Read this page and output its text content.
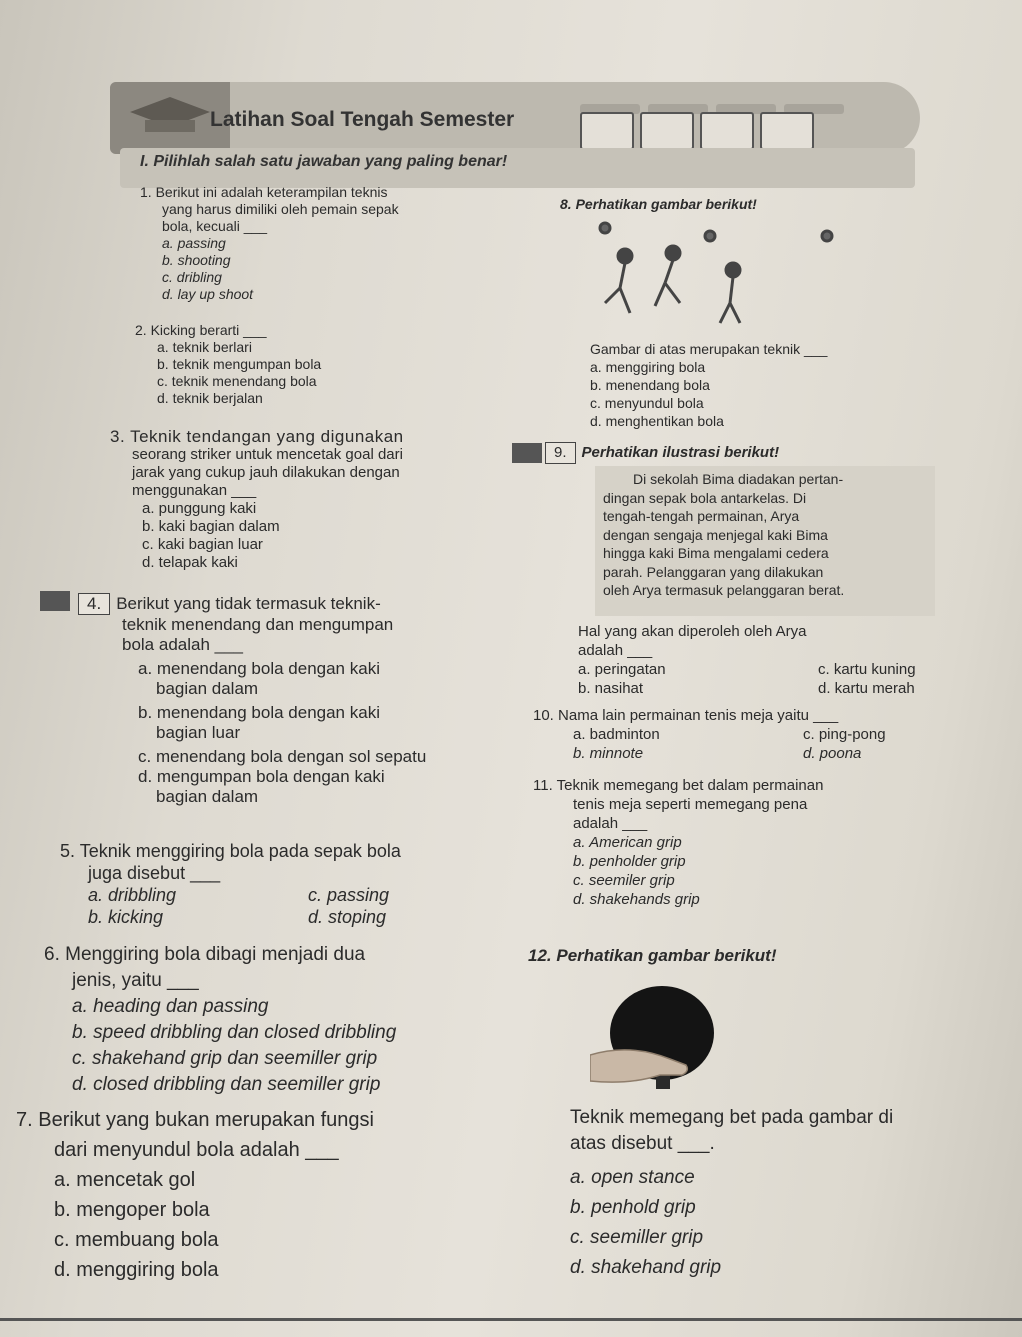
Latihan Soal Tengah Semester
I. Pilihlah salah satu jawaban yang paling benar!
1. Berikut ini adalah keterampilan teknis
yang harus dimiliki oleh pemain sepak
bola, kecuali ___
a. passing
b. shooting
c. dribling
d. lay up shoot
2. Kicking berarti ___
a. teknik berlari
b. teknik mengumpan bola
c. teknik menendang bola
d. teknik berjalan
3. Teknik tendangan yang digunakan
seorang striker untuk mencetak goal dari
jarak yang cukup jauh dilakukan dengan
menggunakan ___
a. punggung kaki
b. kaki bagian dalam
c. kaki bagian luar
d. telapak kaki
4. Berikut yang tidak termasuk teknik-
teknik menendang dan mengumpan
bola adalah ___
a. menendang bola dengan kaki
bagian dalam
b. menendang bola dengan kaki
bagian luar
c. menendang bola dengan sol sepatu
d. mengumpan bola dengan kaki
bagian dalam
5. Teknik menggiring bola pada sepak bola
juga disebut ___
a. dribbling	c. passing
b. kicking	d. stoping
6. Menggiring bola dibagi menjadi dua
jenis, yaitu ___
a. heading dan passing
b. speed dribbling dan closed dribbling
c. shakehand grip dan seemiller grip
d. closed dribbling dan seemiller grip
7. Berikut yang bukan merupakan fungsi
dari menyundul bola adalah ___
a. mencetak gol
b. mengoper bola
c. membuang bola
d. menggiring bola
8. Perhatikan gambar berikut!
Gambar di atas merupakan teknik ___
a. menggiring bola
b. menendang bola
c. menyundul bola
d. menghentikan bola
9. Perhatikan ilustrasi berikut!
Di sekolah Bima diadakan pertan-
dingan sepak bola antarkelas. Di
tengah-tengah permainan, Arya
dengan sengaja menjegal kaki Bima
hingga kaki Bima mengalami cedera
parah. Pelanggaran yang dilakukan
oleh Arya termasuk pelanggaran berat.
Hal yang akan diperoleh oleh Arya
adalah ___
a. peringatan	c. kartu kuning
b. nasihat	d. kartu merah
10. Nama lain permainan tenis meja yaitu ___
a. badminton	c. ping-pong
b. minnote	d. poona
11. Teknik memegang bet dalam permainan
tenis meja seperti memegang pena
adalah ___
a. American grip
b. penholder grip
c. seemiler grip
d. shakehands grip
12. Perhatikan gambar berikut!
Teknik memegang bet pada gambar di
atas disebut ___.
a. open stance
b. penhold grip
c. seemiller grip
d. shakehand grip
